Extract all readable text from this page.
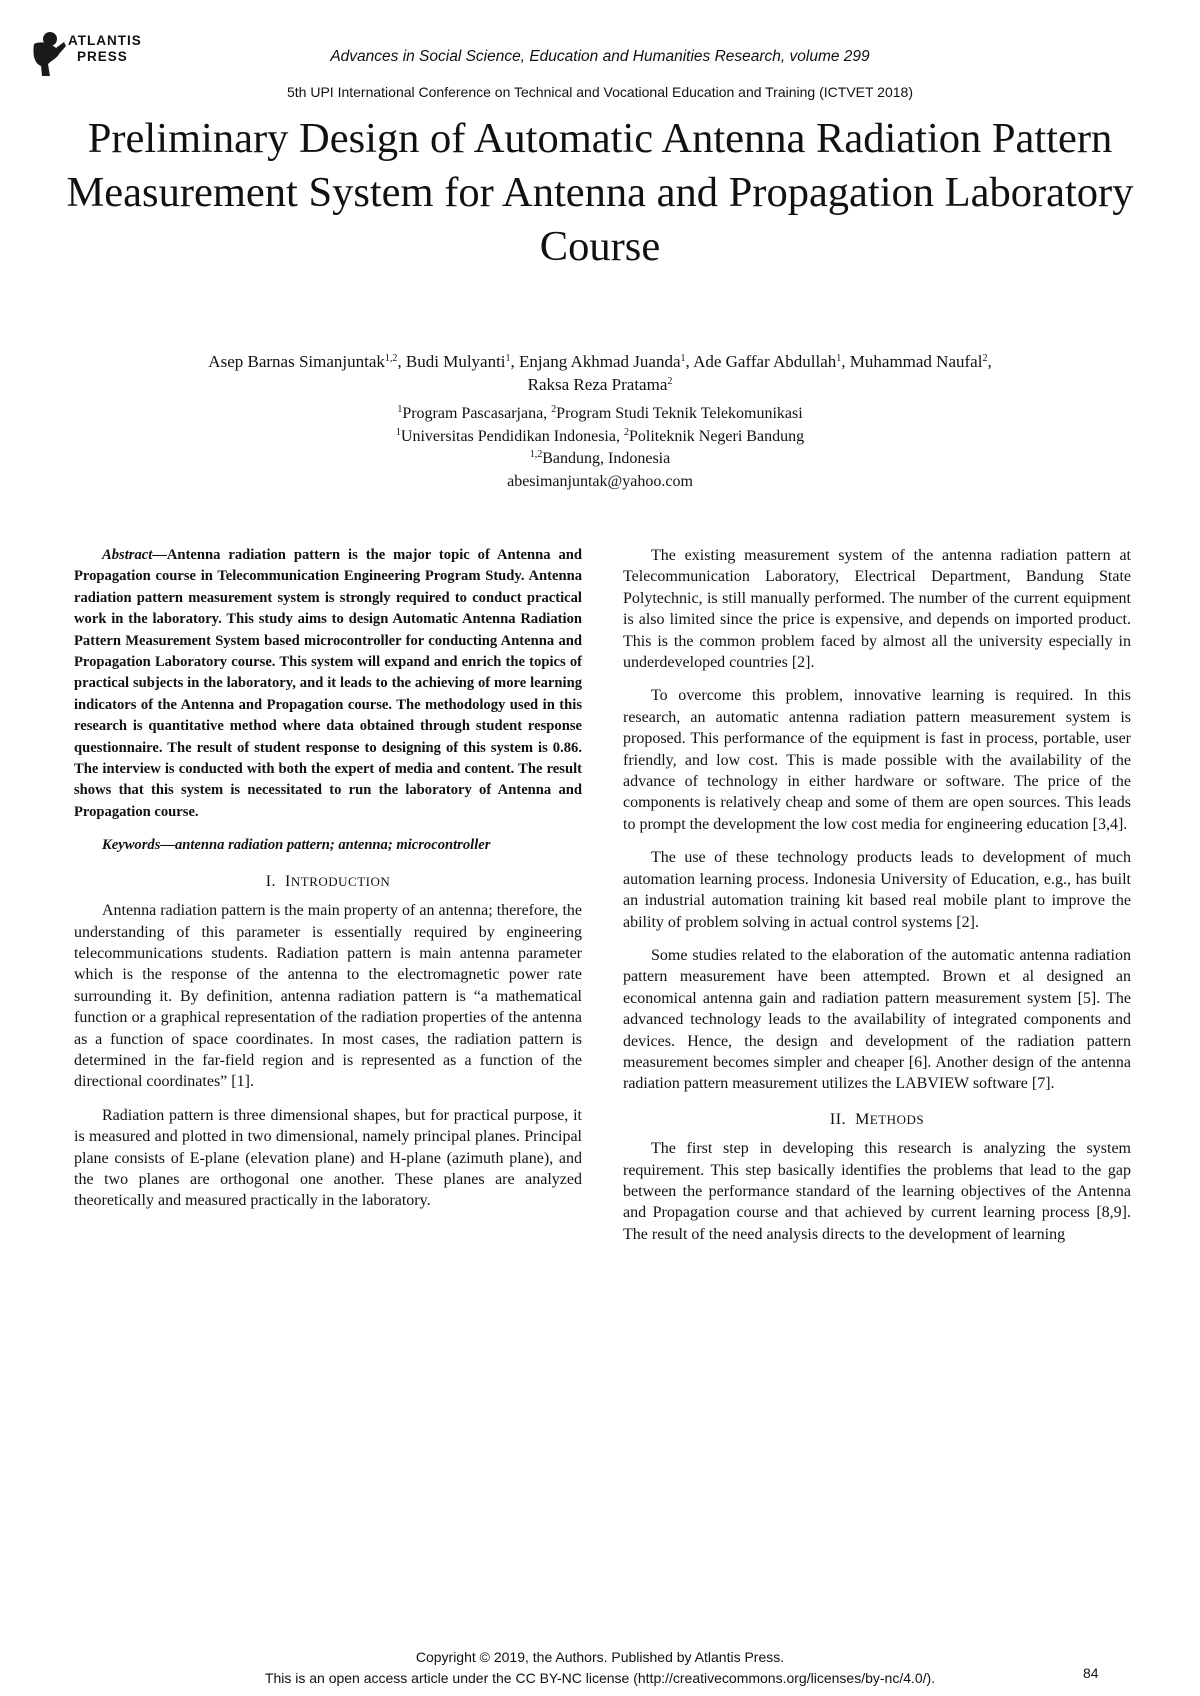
ATLANTIS
PRESS	Advances in Social Science, Education and Humanities Research, volume 299
5th UPI International Conference on Technical and Vocational Education and Training (ICTVET 2018)
Preliminary Design of Automatic Antenna Radiation Pattern Measurement System for Antenna and Propagation Laboratory Course
Asep Barnas Simanjuntak$^{1,2}$, Budi Mulyanti$^1$, Enjang Akhmad Juanda$^1$, Ade Gaffar Abdullah$^1$, Muhammad Naufal$^2$,
Raksa Reza Pratama$^2$
$^1$Program Pascasarjana, $^2$Program Studi Teknik Telekomunikasi
$^1$Universitas Pendidikan Indonesia, $^2$Politeknik Negeri Bandung
$^{1,2}$Bandung, Indonesia
abesimanjuntak@yahoo.com

Abstract—Antenna radiation pattern is the major topic of Antenna and Propagation course in Telecommunication Engineering Program Study. Antenna radiation pattern measurement system is strongly required to conduct practical work in the laboratory. This study aims to design Automatic Antenna Radiation Pattern Measurement System based microcontroller for conducting Antenna and Propagation Laboratory course. This system will expand and enrich the topics of practical subjects in the laboratory, and it leads to the achieving of more learning indicators of the Antenna and Propagation course. The methodology used in this research is quantitative method where data obtained through student response questionnaire. The result of student response to designing of this system is 0.86. The interview is conducted with both the expert of media and content. The result shows that this system is necessitated to run the laboratory of Antenna and Propagation course.

Keywords—antenna radiation pattern; antenna; microcontroller

I. INTRODUCTION

Antenna radiation pattern is the main property of an antenna; therefore, the understanding of this parameter is essentially required by engineering telecommunications students. Radiation pattern is main antenna parameter which is the response of the antenna to the electromagnetic power rate surrounding it. By definition, antenna radiation pattern is “a mathematical function or a graphical representation of the radiation properties of the antenna as a function of space coordinates. In most cases, the radiation pattern is determined in the far-field region and is represented as a function of the directional coordinates” [1].

Radiation pattern is three dimensional shapes, but for practical purpose, it is measured and plotted in two dimensional, namely principal planes. Principal plane consists of E-plane (elevation plane) and H-plane (azimuth plane), and the two planes are orthogonal one another. These planes are analyzed theoretically and measured practically in the laboratory.

The existing measurement system of the antenna radiation pattern at Telecommunication Laboratory, Electrical Department, Bandung State Polytechnic, is still manually performed. The number of the current equipment is also limited since the price is expensive, and depends on imported product. This is the common problem faced by almost all the university especially in underdeveloped countries [2].

To overcome this problem, innovative learning is required. In this research, an automatic antenna radiation pattern measurement system is proposed. This performance of the equipment is fast in process, portable, user friendly, and low cost. This is made possible with the availability of the advance of technology in either hardware or software. The price of the components is relatively cheap and some of them are open sources. This leads to prompt the development the low cost media for engineering education [3,4].

The use of these technology products leads to development of much automation learning process. Indonesia University of Education, e.g., has built an industrial automation training kit based real mobile plant to improve the ability of problem solving in actual control systems [2].

Some studies related to the elaboration of the automatic antenna radiation pattern measurement have been attempted. Brown et al designed an economical antenna gain and radiation pattern measurement system [5]. The advanced technology leads to the availability of integrated components and devices. Hence, the design and development of the radiation pattern measurement becomes simpler and cheaper [6]. Another design of the antenna radiation pattern measurement utilizes the LABVIEW software [7].

II. METHODS

The first step in developing this research is analyzing the system requirement. This step basically identifies the problems that lead to the gap between the performance standard of the learning objectives of the Antenna and Propagation course and that achieved by current learning process [8,9]. The result of the need analysis directs to the development of learning

Copyright © 2019, the Authors. Published by Atlantis Press.
This is an open access article under the CC BY-NC license (http://creativecommons.org/licenses/by-nc/4.0/).	84
